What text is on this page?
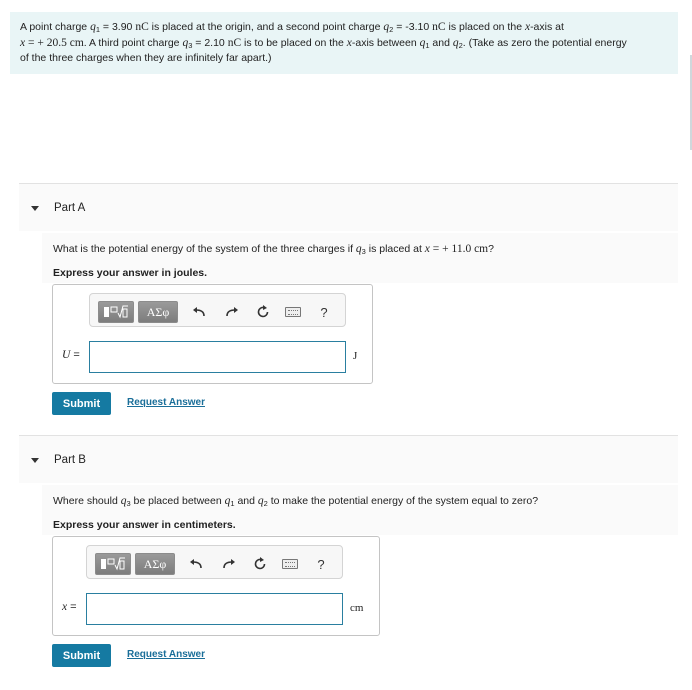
A point charge $q_1 = 3.90$ nC is placed at the origin, and a second point charge $q_2 = -3.10$ nC is placed on the x-axis at
x = + 20.5 cm. A third point charge $q_3 = 2.10$ nC is to be placed on the x-axis between $q_1$ and $q_2$. (Take as zero the potential energy
of the three charges when they are infinitely far apart.)
Part A
What is the potential energy of the system of the three charges if $q_3$ is placed at x = + 11.0 cm?
Express your answer in joules.
ΑΣφ	?
U =	J
Submit	Request Answer
Part B
Where should $q_3$ be placed between $q_1$ and $q_2$ to make the potential energy of the system equal to zero?
Express your answer in centimeters.
ΑΣφ	?
x =	cm
Submit	Request Answer
